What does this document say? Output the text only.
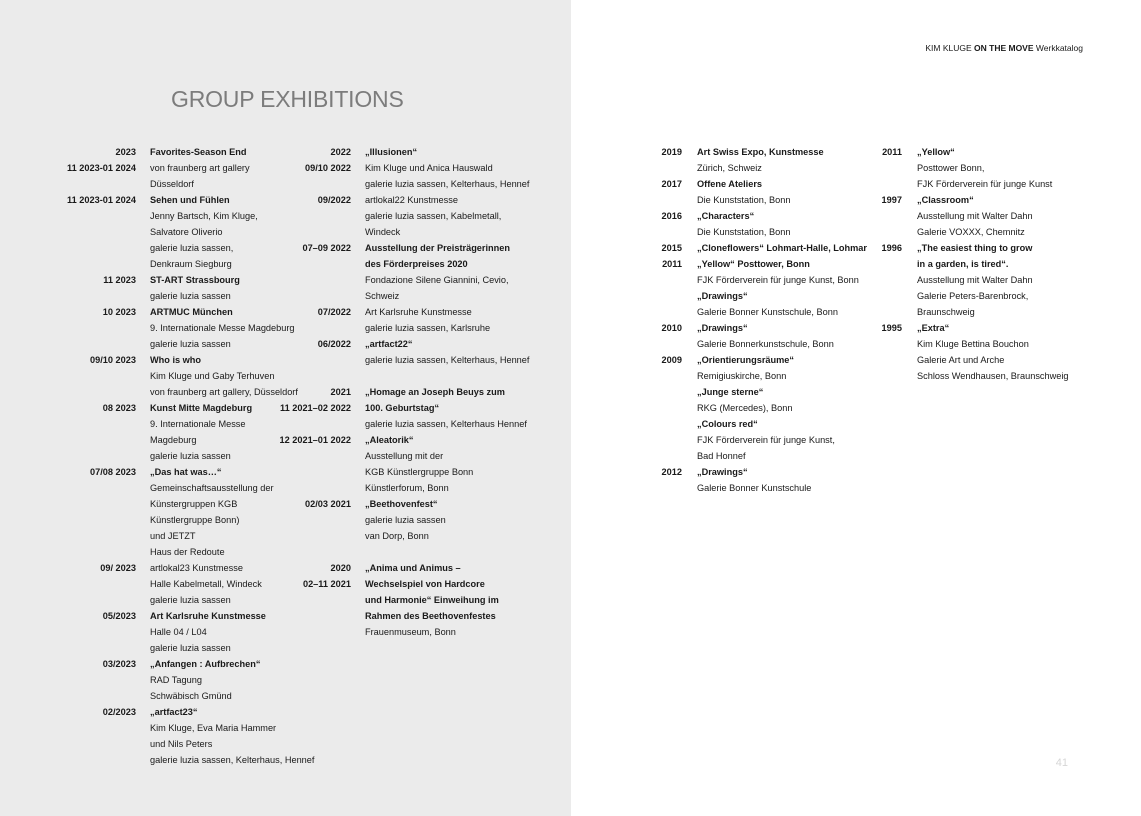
GROUP EXHIBITIONS
KIM KLUGE ON THE MOVE Werkkatalog
41
2023 Favorites-Season End
11 2023-01 2024 von fraunberg art gallery
Düsseldorf
11 2023-01 2024 Sehen und Fühlen
Jenny Bartsch, Kim Kluge,
Salvatore Oliverio
galerie luzia sassen,
Denkraum Siegburg
11 2023 ST-ART Strassbourg
galerie luzia sassen
10 2023 ARTMUC München
9. Internationale Messe Magdeburg
galerie luzia sassen
09/10 2023 Who is who
Kim Kluge und Gaby Terhuven
von fraunberg art gallery, Düsseldorf
08 2023 Kunst Mitte Magdeburg
9. Internationale Messe
Magdeburg
galerie luzia sassen
07/08 2023 „Das hat was…“
Gemeinschaftsausstellung der
Künstergruppen KGB
Künstlergruppe Bonn)
und JETZT
Haus der Redoute
09/ 2023 artlokal23 Kunstmesse
Halle Kabelmetall, Windeck
galerie luzia sassen
05/2023 Art Karlsruhe Kunstmesse
Halle 04 / L04
galerie luzia sassen
03/2023 „Anfangen : Aufbrechen“
RAD Tagung
Schwäbisch Gmünd
02/2023 „artfact23“
Kim Kluge, Eva Maria Hammer
und Nils Peters
galerie luzia sassen, Kelterhaus, Hennef
2022 „Illusionen“
09/10 2022 Kim Kluge und Anica Hauswald
galerie luzia sassen, Kelterhaus, Hennef
09/2022 artlokal22 Kunstmesse
galerie luzia sassen, Kabelmetall,
Windeck
07–09 2022 Ausstellung der Preisträgerinnen
des Förderpreises 2020
Fondazione Silene Giannini, Cevio,
Schweiz
07/2022 Art Karlsruhe Kunstmesse
galerie luzia sassen, Karlsruhe
06/2022 „artfact22“
galerie luzia sassen, Kelterhaus, Hennef
2021 „Homage an Joseph Beuys zum
11 2021–02 2022 100. Geburtstag“
galerie luzia sassen, Kelterhaus Hennef
12 2021–01 2022 „Aleatorik“
Ausstellung mit der
KGB Künstlergruppe Bonn
Künstlerforum, Bonn
02/03 2021 „Beethovenfest“
galerie luzia sassen
van Dorp, Bonn
2020 „Anima und Animus –
02–11 2021 Wechselspiel von Hardcore
und Harmonie“ Einweihung im
Rahmen des Beethovenfestes
Frauenmuseum, Bonn
2019 Art Swiss Expo, Kunstmesse
Zürich, Schweiz
2017 Offene Ateliers
Die Kunststation, Bonn
2016 „Characters“
Die Kunststation, Bonn
2015 „Cloneflowers“ Lohmart-Halle, Lohmar
2011 „Yellow“ Posttower, Bonn
FJK Förderverein für junge Kunst, Bonn
„Drawings“
Galerie Bonner Kunstschule, Bonn
2010 „Drawings“
Galerie Bonnerkunstschule, Bonn
2009 „Orientierungsräume“
Remigiuskirche, Bonn
„Junge sterne“
RKG (Mercedes), Bonn
„Colours red“
FJK Förderverein für junge Kunst,
Bad Honnef
2012 „Drawings“
Galerie Bonner Kunstschule
2011 „Yellow“
Posttower Bonn,
FJK Förderverein für junge Kunst
1997 „Classroom“
Ausstellung mit Walter Dahn
Galerie VOXXX, Chemnitz
1996 „The easiest thing to grow
in a garden, is tired“.
Ausstellung mit Walter Dahn
Galerie Peters-Barenbrock,
Braunschweig
1995 „Extra“
Kim Kluge Bettina Bouchon
Galerie Art und Arche
Schloss Wendhausen, Braunschweig
